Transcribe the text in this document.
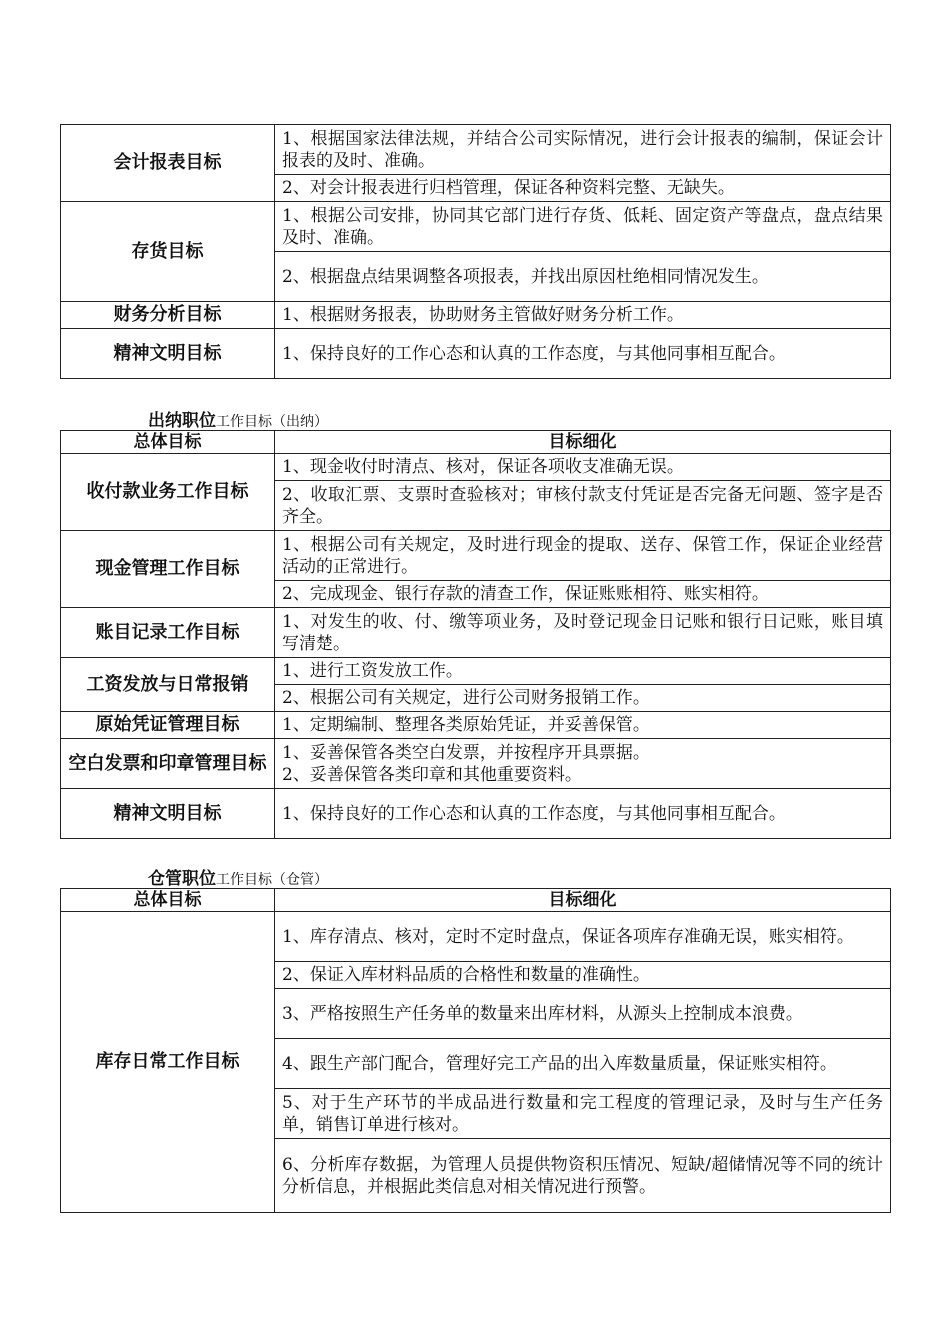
会计报表目标	1、根据国家法律法规，并结合公司实际情况，进行会计报表的编制，保证会计报表的及时、准确。
	2、对会计报表进行归档管理，保证各种资料完整、无缺失。
存货目标	1、根据公司安排，协同其它部门进行存货、低耗、固定资产等盘点，盘点结果及时、准确。
	2、根据盘点结果调整各项报表，并找出原因杜绝相同情况发生。
财务分析目标	1、根据财务报表，协助财务主管做好财务分析工作。
精神文明目标	1、保持良好的工作心态和认真的工作态度，与其他同事相互配合。
出纳职位工作目标（出纳）
总体目标	目标细化
收付款业务工作目标	1、现金收付时清点、核对，保证各项收支准确无误。
	2、收取汇票、支票时查验核对；审核付款支付凭证是否完备无问题、签字是否齐全。
现金管理工作目标	1、根据公司有关规定，及时进行现金的提取、送存、保管工作，保证企业经营活动的正常进行。
	2、完成现金、银行存款的清查工作，保证账账相符、账实相符。
账目记录工作目标	1、对发生的收、付、缴等项业务，及时登记现金日记账和银行日记账，账目填写清楚。
工资发放与日常报销	1、进行工资发放工作。
	2、根据公司有关规定，进行公司财务报销工作。
原始凭证管理目标	1、定期编制、整理各类原始凭证，并妥善保管。
空白发票和印章管理目标	1、妥善保管各类空白发票，并按程序开具票据。
2、妥善保管各类印章和其他重要资料。

精神文明目标	1、保持良好的工作心态和认真的工作态度，与其他同事相互配合。
仓管职位工作目标（仓管）
总体目标	目标细化
库存日常工作目标	1、库存清点、核对，定时不定时盘点，保证各项库存准确无误，账实相符。
	2、保证入库材料品质的合格性和数量的准确性。
	3、严格按照生产任务单的数量来出库材料，从源头上控制成本浪费。
	4、跟生产部门配合，管理好完工产品的出入库数量质量，保证账实相符。
	5、对于生产环节的半成品进行数量和完工程度的管理记录，及时与生产任务单，销售订单进行核对。
	6、分析库存数据，为管理人员提供物资积压情况、短缺/超储情况等不同的统计分析信息，并根据此类信息对相关情况进行预警。
